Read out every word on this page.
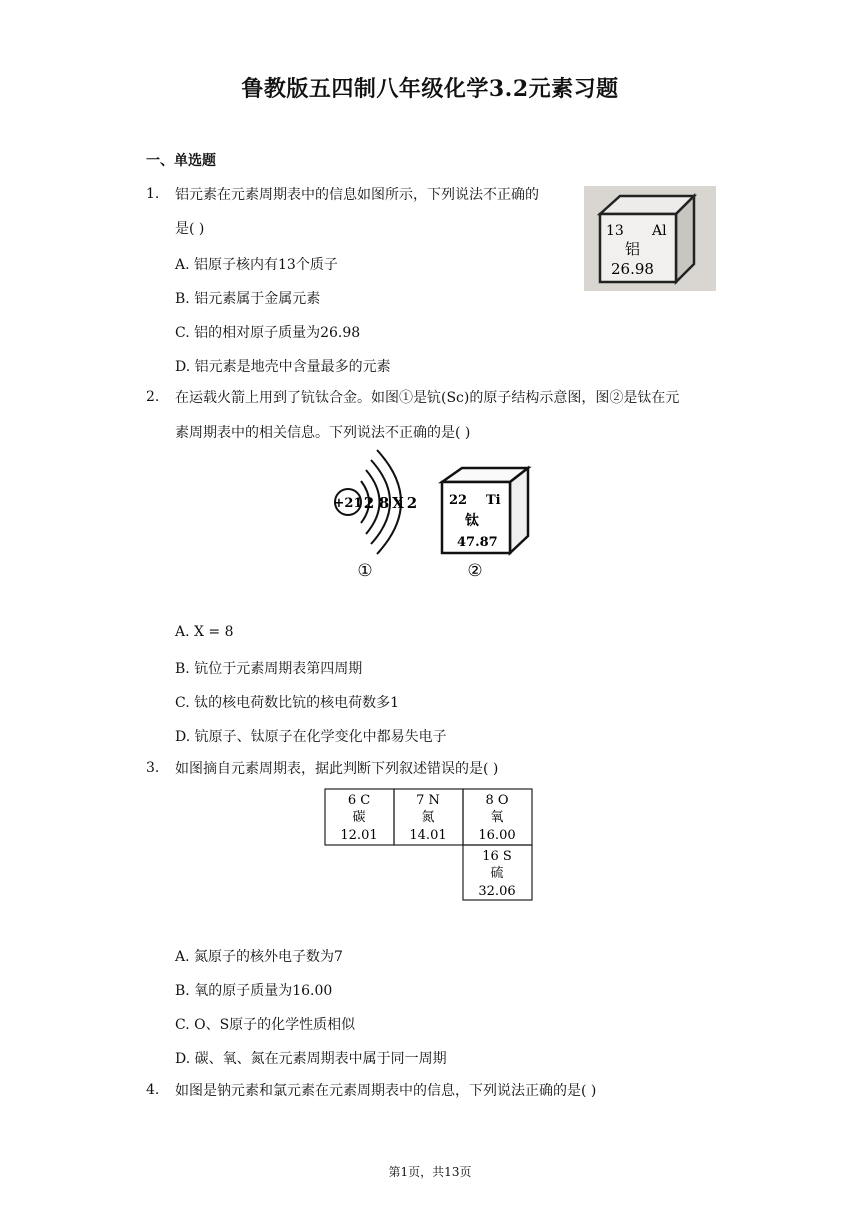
鲁教版五四制八年级化学3.2元素习题
一、单选题
1. 铝元素在元素周期表中的信息如图所示，下列说法不正确的
是( )
A. 铝原子核内有13个质子
B. 铝元素属于金属元素
C. 铝的相对原子质量为26.98
D. 铝元素是地壳中含量最多的元素
13 Al
铝
26.98
2. 在运载火箭上用到了钪钛合金。如图①是钪(Sc)的原子结构示意图，图②是钛在元
素周期表中的相关信息。下列说法不正确的是( )
+21 2 8 X 2
①
22 Ti
钛
47.87
②
A. X = 8
B. 钪位于元素周期表第四周期
C. 钛的核电荷数比钪的核电荷数多1
D. 钪原子、钛原子在化学变化中都易失电子
3. 如图摘自元素周期表，据此判断下列叙述错误的是( )
6 C
碳
12.01
7 N
氮
14.01
8 O
氧
16.00
16 S
硫
32.06
A. 氮原子的核外电子数为7
B. 氧的原子质量为16.00
C. O、S原子的化学性质相似
D. 碳、氧、氮在元素周期表中属于同一周期
4. 如图是钠元素和氯元素在元素周期表中的信息，下列说法正确的是( )
第1页，共13页
